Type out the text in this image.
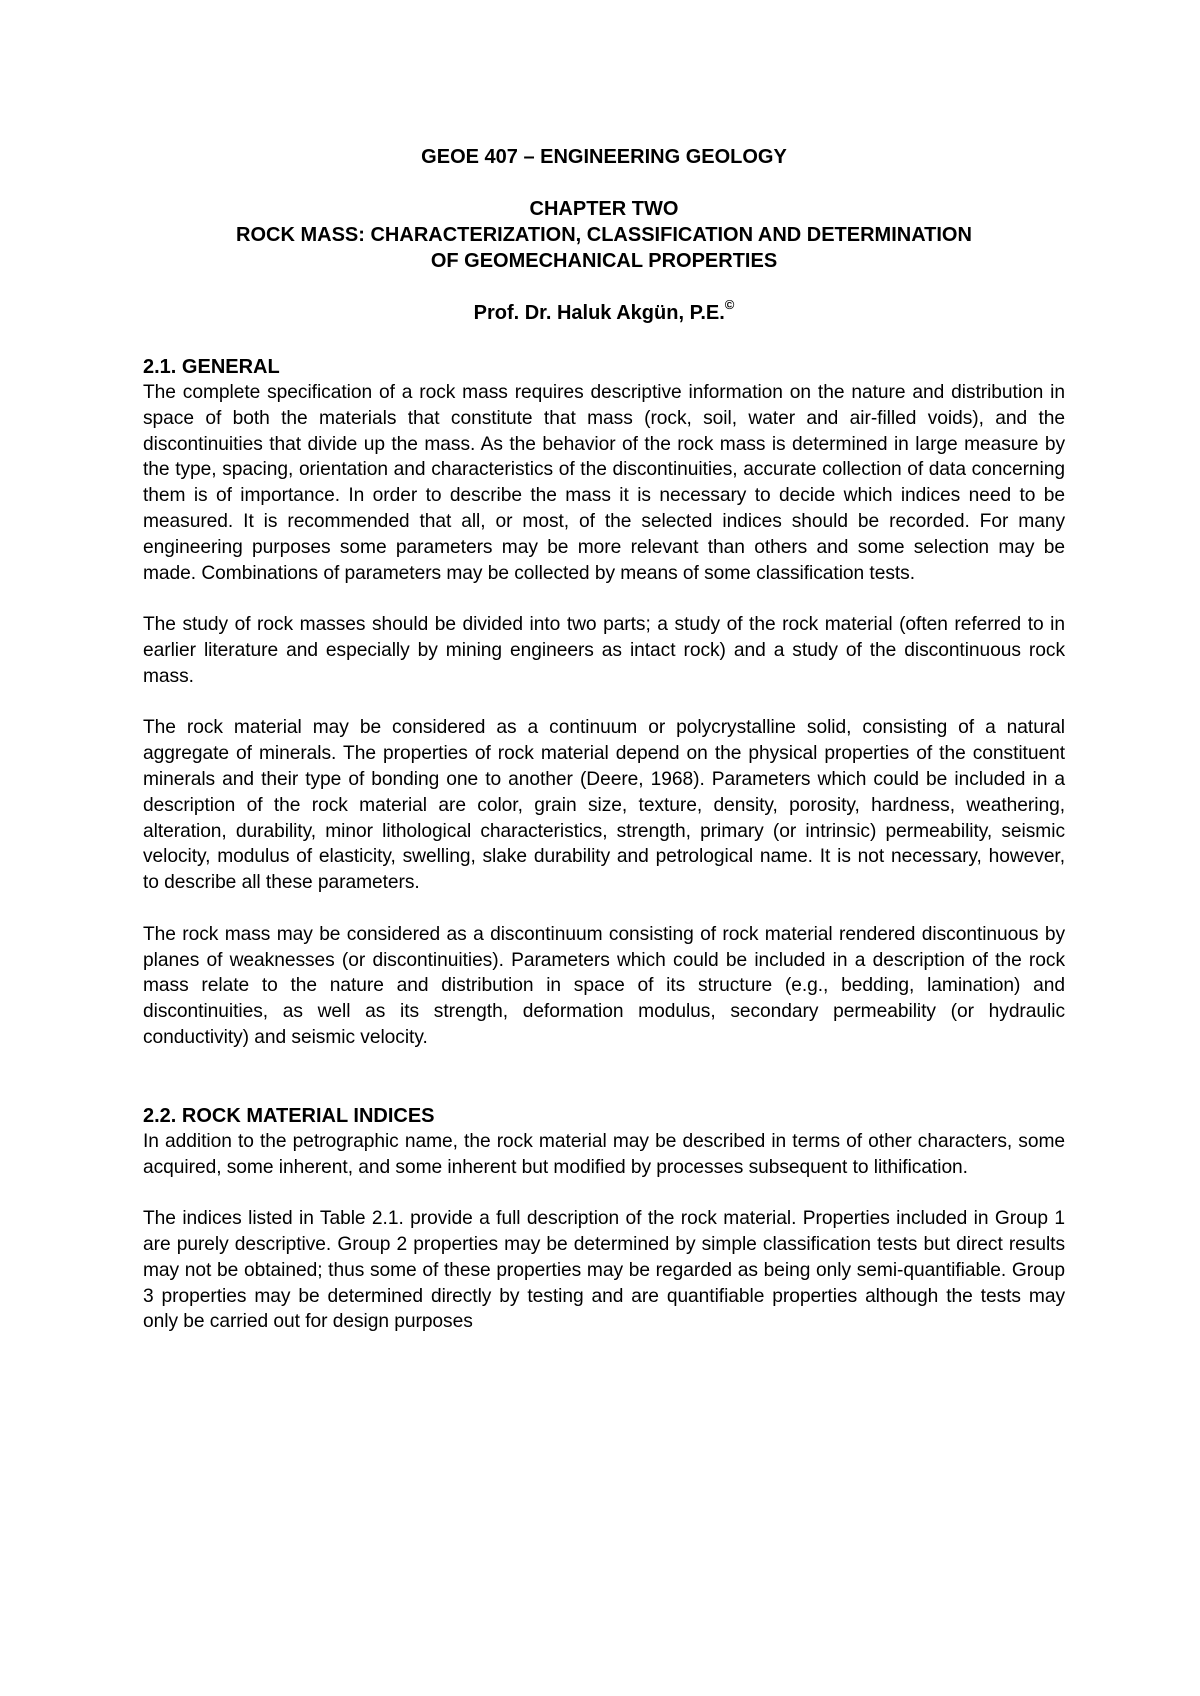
GEOE 407 – ENGINEERING GEOLOGY

CHAPTER TWO

ROCK MASS: CHARACTERIZATION, CLASSIFICATION AND DETERMINATION

OF GEOMECHANICAL PROPERTIES

Prof. Dr. Haluk Akgün, P.E.©

2.1. GENERAL

The complete specification of a rock mass requires descriptive information on the nature and distribution in space of both the materials that constitute that mass (rock, soil, water and air-filled voids), and the discontinuities that divide up the mass. As the behavior of the rock mass is determined in large measure by the type, spacing, orientation and characteristics of the discontinuities, accurate collection of data concerning them is of importance. In order to describe the mass it is necessary to decide which indices need to be measured. It is recommended that all, or most, of the selected indices should be recorded. For many engineering purposes some parameters may be more relevant than others and some selection may be made. Combinations of parameters may be collected by means of some classification tests.

The study of rock masses should be divided into two parts; a study of the rock material (often referred to in earlier literature and especially by mining engineers as intact rock) and a study of the discontinuous rock mass.

The rock material may be considered as a continuum or polycrystalline solid, consisting of a natural aggregate of minerals. The properties of rock material depend on the physical properties of the constituent minerals and their type of bonding one to another (Deere, 1968). Parameters which could be included in a description of the rock material are color, grain size, texture, density, porosity, hardness, weathering, alteration, durability, minor lithological characteristics, strength, primary (or intrinsic) permeability, seismic velocity, modulus of elasticity, swelling, slake durability and petrological name. It is not necessary, however, to describe all these parameters.

The rock mass may be considered as a discontinuum consisting of rock material rendered discontinuous by planes of weaknesses (or discontinuities). Parameters which could be included in a description of the rock mass relate to the nature and distribution in space of its structure (e.g., bedding, lamination) and discontinuities, as well as its strength, deformation modulus, secondary permeability (or hydraulic conductivity) and seismic velocity.

2.2. ROCK MATERIAL INDICES

In addition to the petrographic name, the rock material may be described in terms of other characters, some acquired, some inherent, and some inherent but modified by processes subsequent to lithification.

The indices listed in Table 2.1. provide a full description of the rock material. Properties included in Group 1 are purely descriptive. Group 2 properties may be determined by simple classification tests but direct results may not be obtained; thus some of these properties may be regarded as being only semi-quantifiable. Group 3 properties may be determined directly by testing and are quantifiable properties although the tests may only be carried out for design purposes
